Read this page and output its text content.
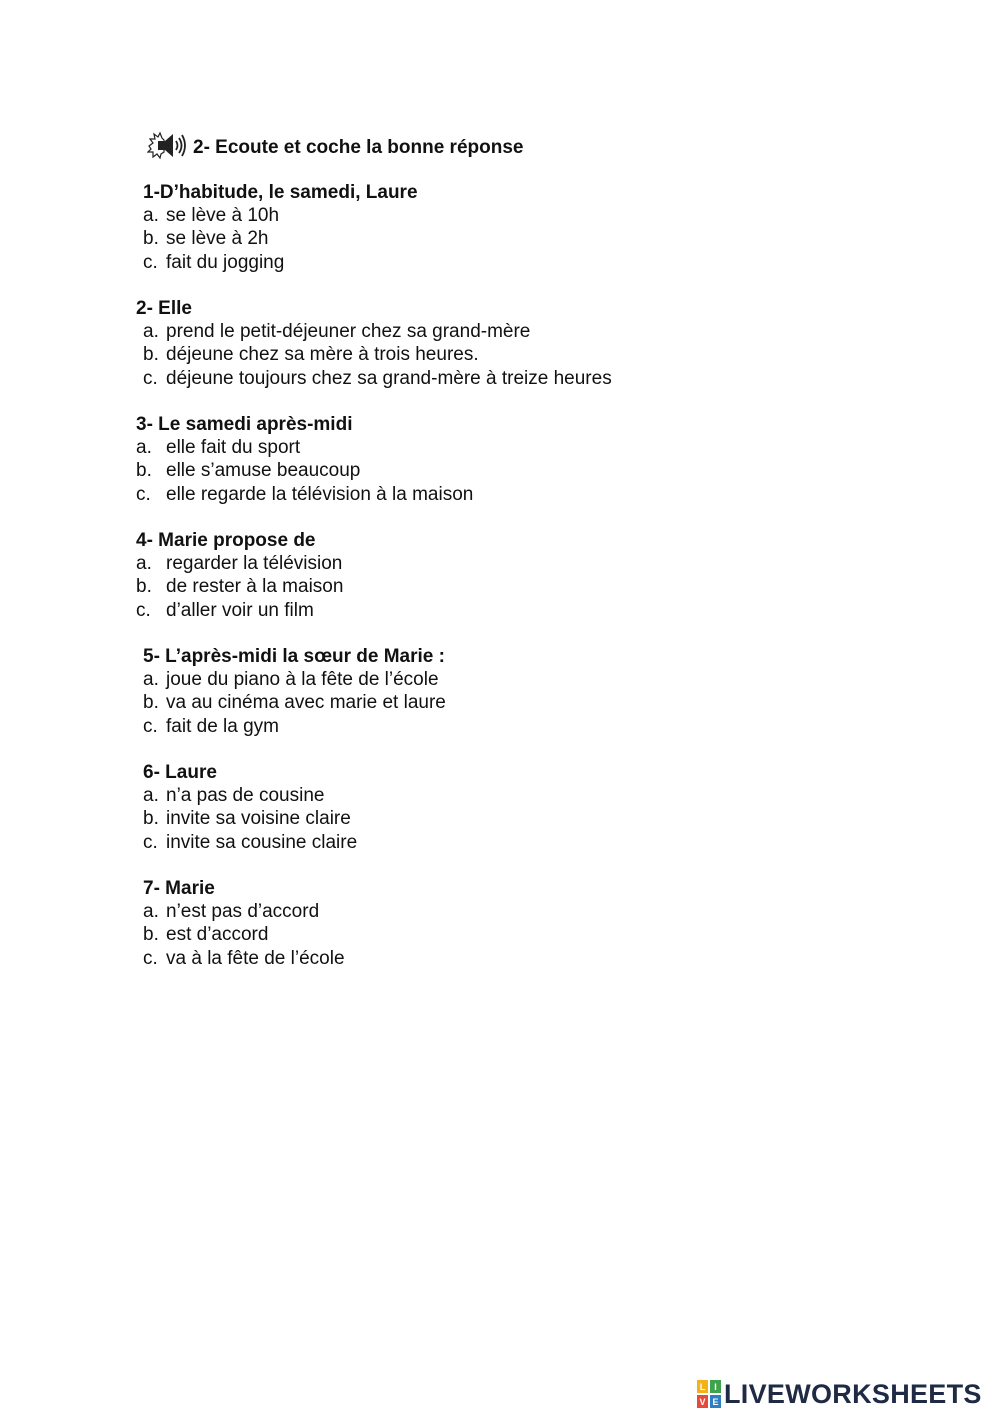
2- Ecoute et coche la bonne réponse
1-D’habitude, le samedi, Laure
a. se lève à 10h
b. se lève à 2h
c. fait du jogging
2- Elle
a. prend le petit-déjeuner chez sa grand-mère
b. déjeune chez sa mère à trois heures.
c. déjeune toujours chez sa grand-mère à treize heures
3- Le samedi après-midi
a. elle fait du sport
b. elle s’amuse beaucoup
c. elle regarde la télévision à la maison
4- Marie propose de
a. regarder la télévision
b. de rester à la maison
c. d’aller voir un film
5- L’après-midi la sœur de Marie :
a. joue du piano à la fête de l’école
b. va au cinéma avec marie et laure
c. fait de la gym
6- Laure
a. n’a pas de cousine
b. invite sa voisine claire
c. invite sa cousine claire
7- Marie
a. n’est pas d’accord
b. est d’accord
c. va à la fête de l’école
L I
V E LIVEWORKSHEETS
